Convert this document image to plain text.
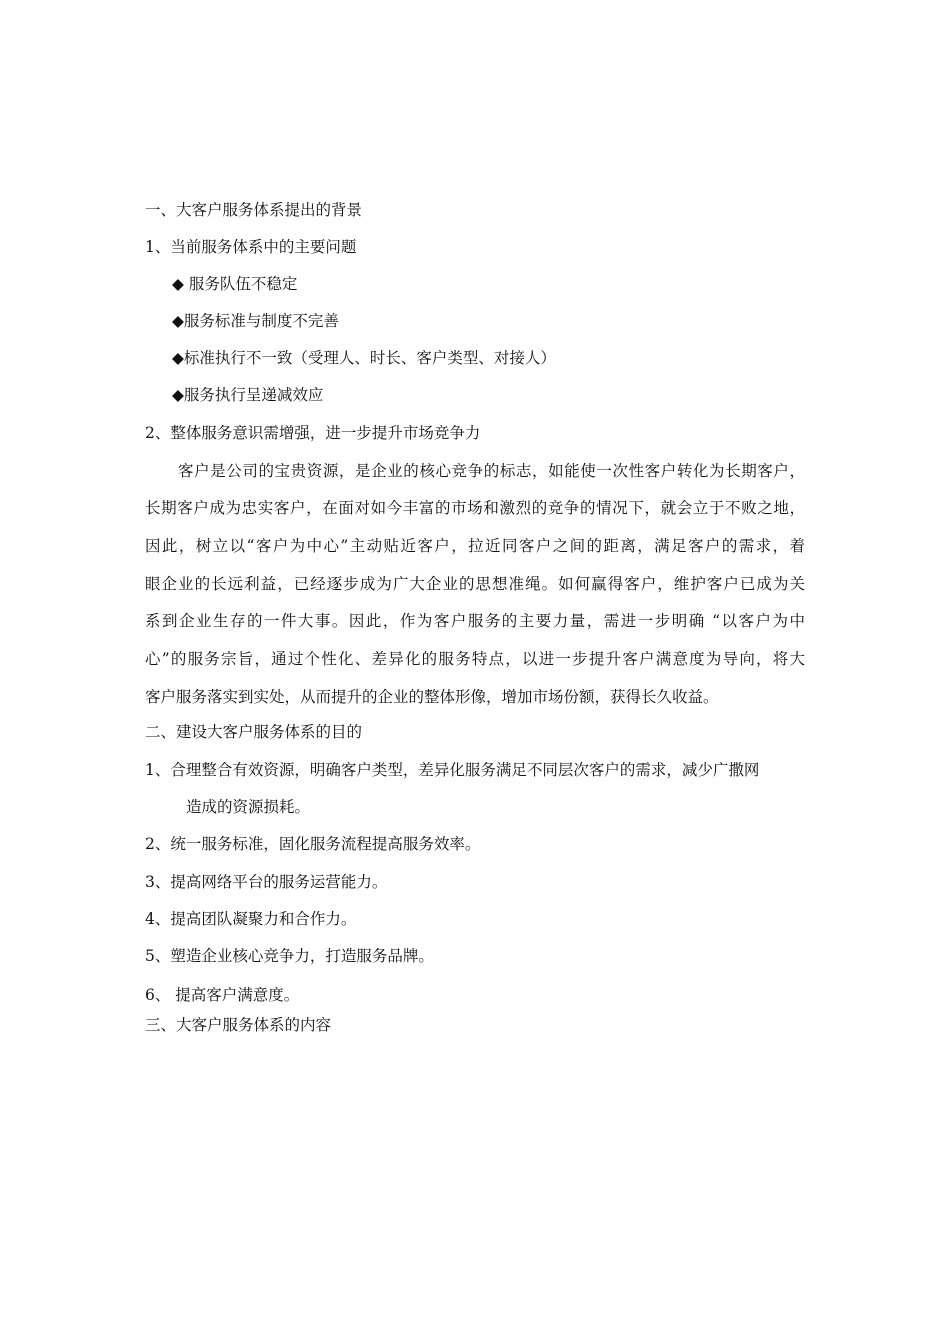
一、大客户服务体系提出的背景
1、当前服务体系中的主要问题
◆ 服务队伍不稳定
◆服务标准与制度不完善
◆标准执行不一致（受理人、时长、客户类型、对接人）
◆服务执行呈递减效应
2、整体服务意识需增强，进一步提升市场竞争力
客户是公司的宝贵资源，是企业的核心竞争的标志，如能使一次性客户转化为长期客户，
长期客户成为忠实客户，在面对如今丰富的市场和激烈的竞争的情况下，就会立于不败之地，
因此，树立以“客户为中心”主动贴近客户，拉近同客户之间的距离，满足客户的需求，着
眼企业的长远利益，已经逐步成为广大企业的思想准绳。如何赢得客户，维护客户已成为关
系到企业生存的一件大事。因此，作为客户服务的主要力量，需进一步明确 “以客户为中
心”的服务宗旨，通过个性化、差异化的服务特点，以进一步提升客户满意度为导向，将大
客户服务落实到实处，从而提升的企业的整体形像，增加市场份额，获得长久收益。
二、建设大客户服务体系的目的
1、合理整合有效资源，明确客户类型，差异化服务满足不同层次客户的需求，减少广撒网
造成的资源损耗。
2、统一服务标准，固化服务流程提高服务效率。
3、提高网络平台的服务运营能力。
4、提高团队凝聚力和合作力。
5、塑造企业核心竞争力，打造服务品牌。
6、 提高客户满意度。
三、大客户服务体系的内容
